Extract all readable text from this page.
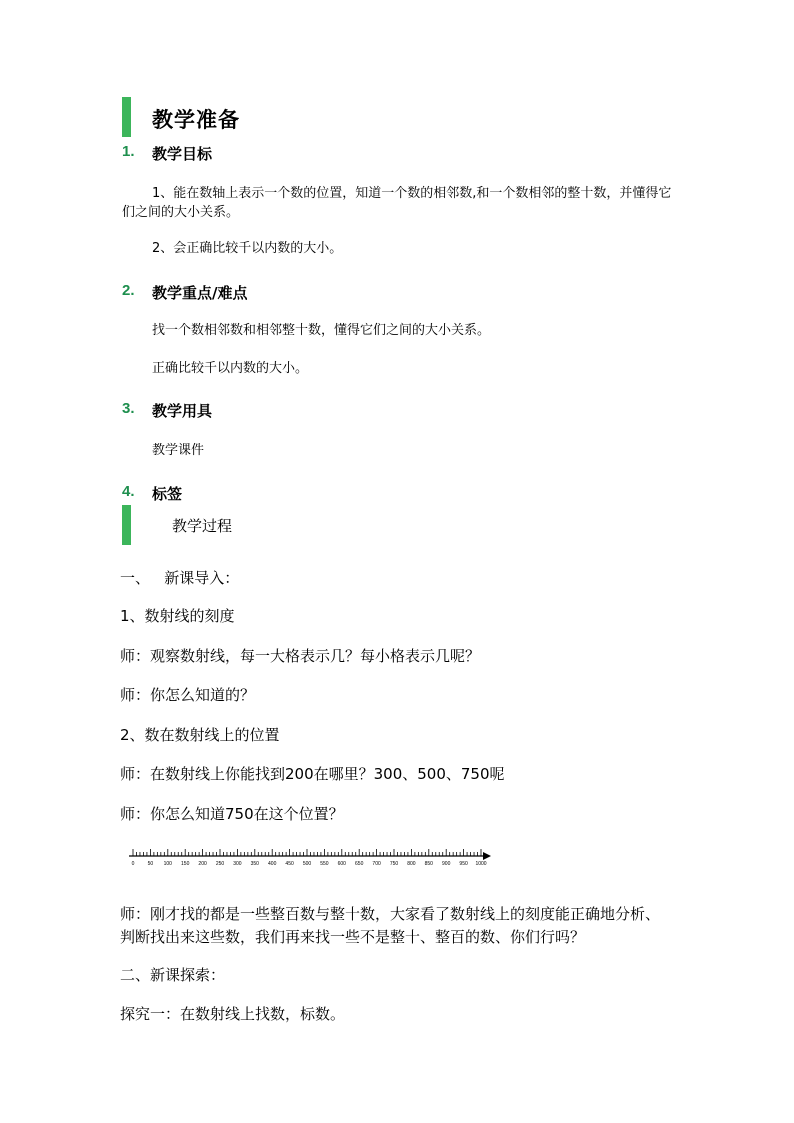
教学准备
1. 教学目标
1、能在数轴上表示一个数的位置，知道一个数的相邻数,和一个数相邻的整十数，并懂得它们之间的大小关系。
2、会正确比较千以内数的大小。
2. 教学重点/难点
找一个数相邻数和相邻整十数，懂得它们之间的大小关系。
正确比较千以内数的大小。
3. 教学用具
教学课件
4. 标签
教学过程
一、   新课导入：
1、数射线的刻度
师：观察数射线，每一大格表示几？每小格表示几呢？
师：你怎么知道的？
2、数在数射线上的位置
师：在数射线上你能找到200在哪里？300、500、750呢
师：你怎么知道750在这个位置？
0	50 100 150 200 250 300 350 400 450 500 550 600 650 700 750 800 850 900 950 1000
师：刚才找的都是一些整百数与整十数，大家看了数射线上的刻度能正确地分析、判断找出来这些数，我们再来找一些不是整十、整百的数、你们行吗？
二、新课探索：
探究一：在数射线上找数，标数。
